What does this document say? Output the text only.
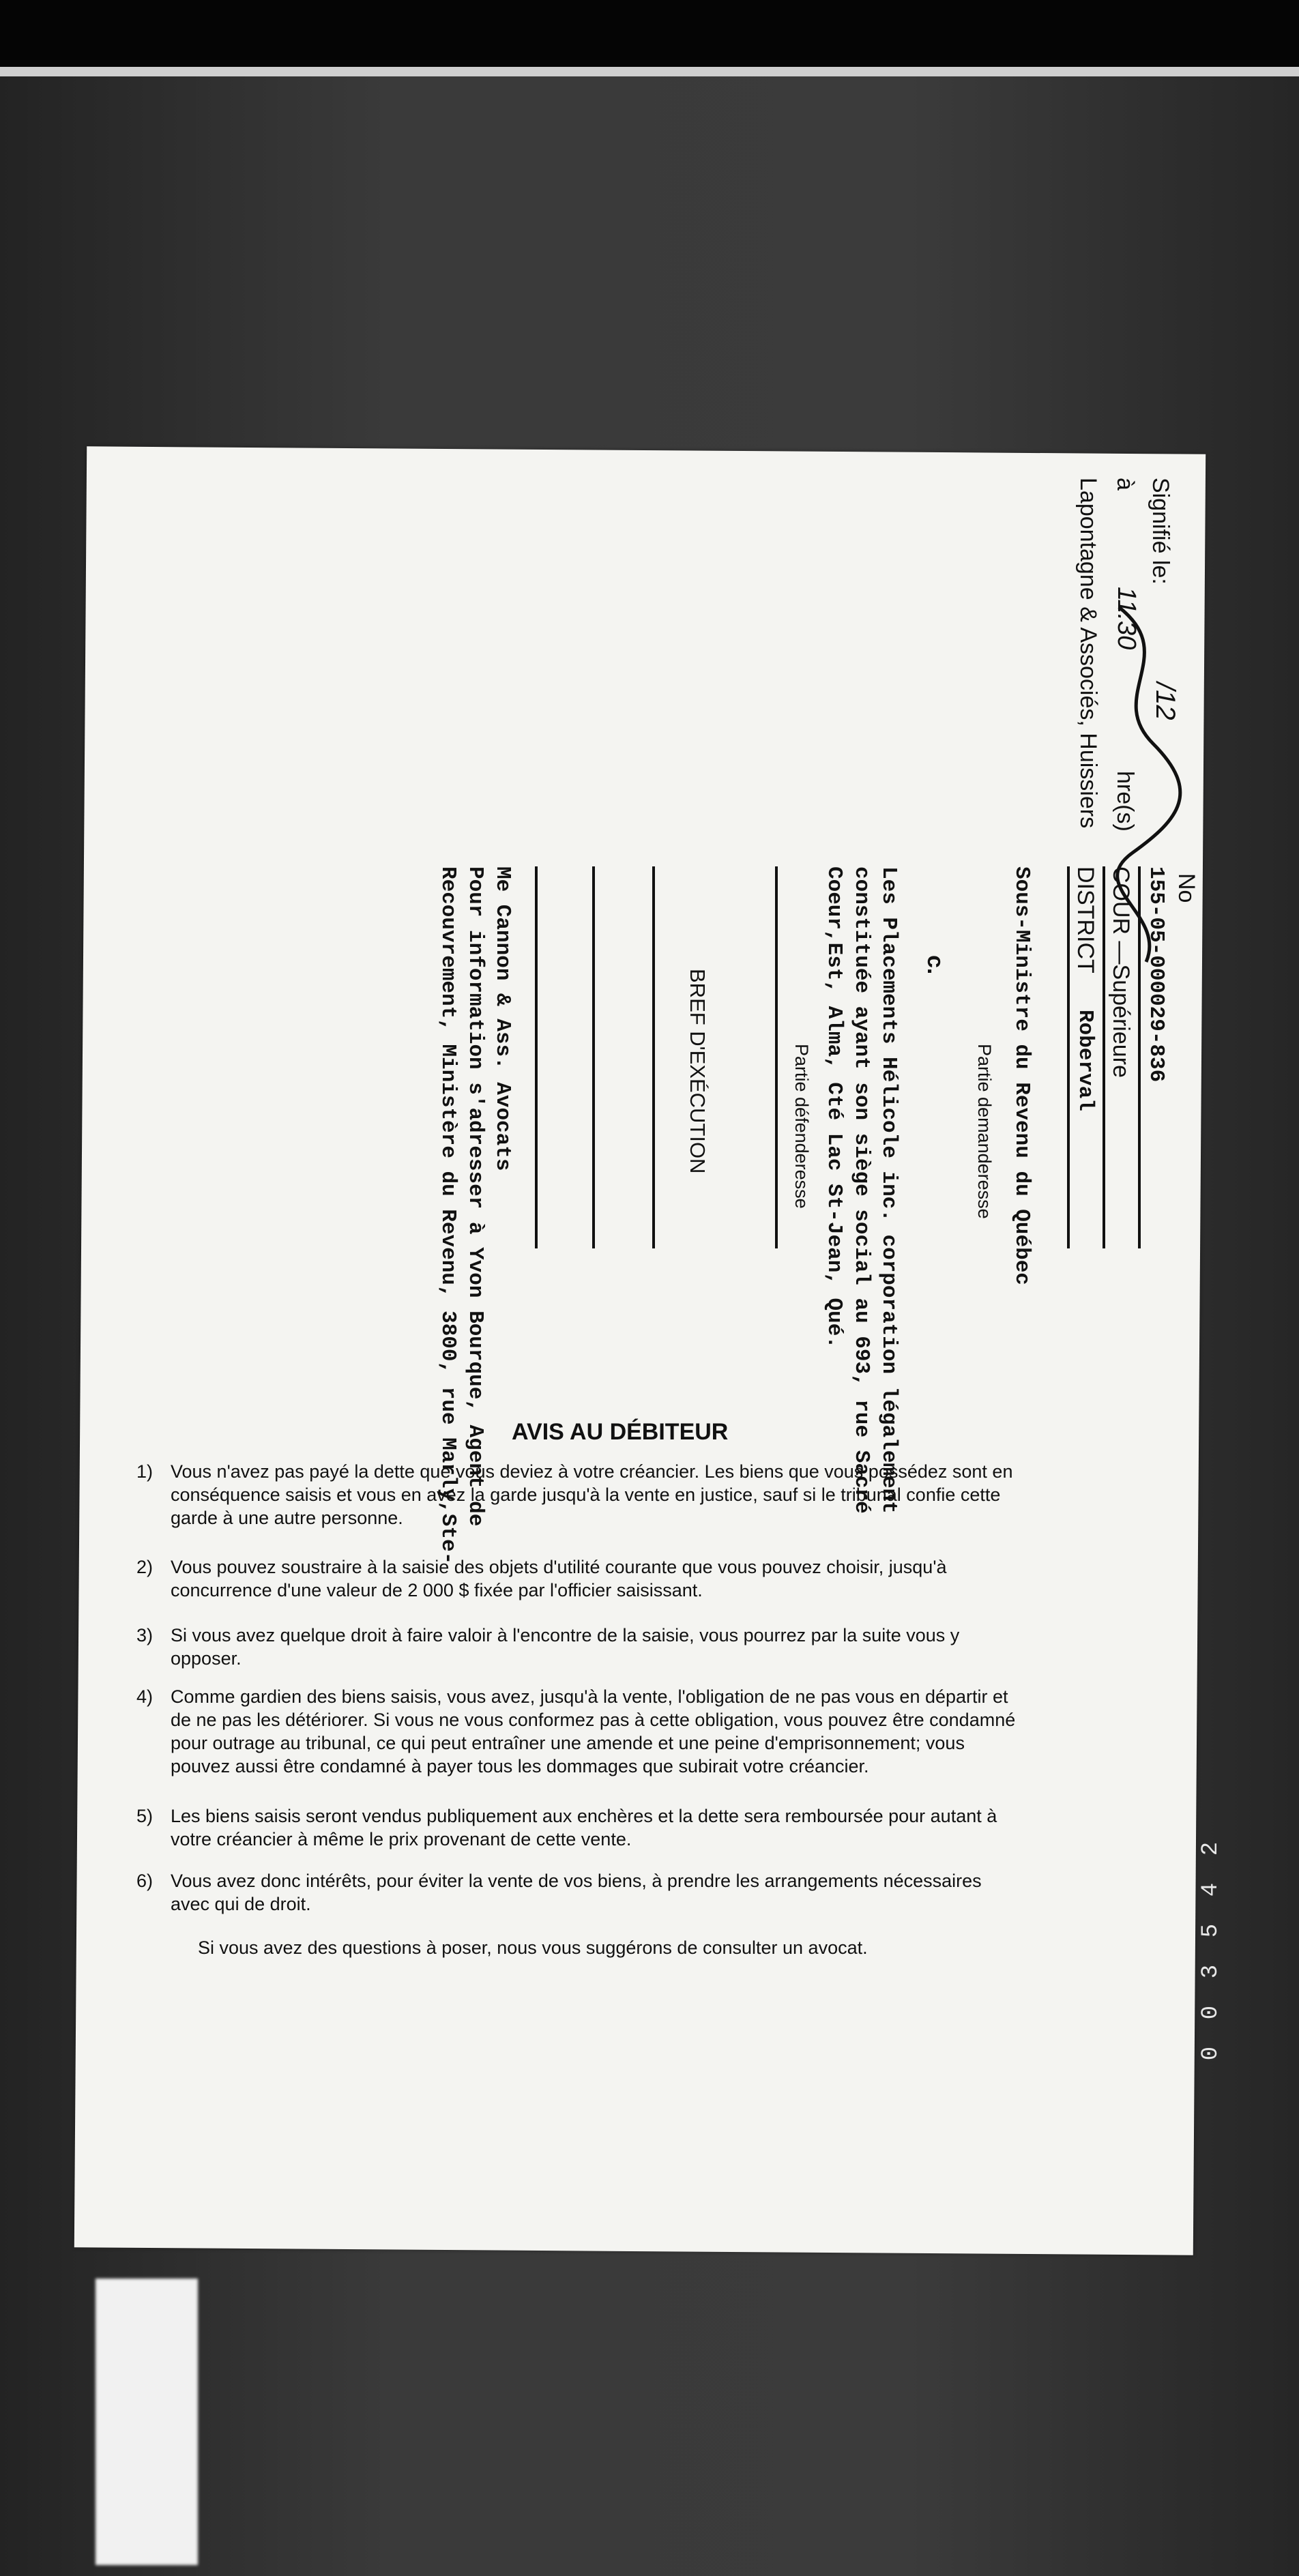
Signifié le:
/12
à
11:30
hre(s)
Lapontagne & Associés, Huissiers
No
155-05-000029-836
COUR —Supérieure
DISTRICT
Roberval
Sous-Ministre du Revenu du Québec
Partie demanderesse
c.
Les Placements Hélicole inc. corporation légalement
constituée ayant son siège social au 693, rue Sacré
Coeur,Est, Alma, Cté Lac St-Jean, Qué.
Partie défenderesse
BREF D'EXÉCUTION
Me Cannon & Ass. Avocats
Pour information s'adresser à Yvon Bourque, Agent de
Recouvrement, Ministère du Revenu, 3800, rue Marly,Ste- AVIS AU DÉBITEUR
1) Vous n'avez pas payé la dette que vous deviez à votre créancier. Les biens que vous possédez sont en conséquence saisis et vous en avez la garde jusqu'à la vente en justice, sauf si le tribunal confie cette garde à une autre personne.
2) Vous pouvez soustraire à la saisie des objets d'utilité courante que vous pouvez choisir, jusqu'à concurrence d'une valeur de 2 000 $ fixée par l'officier saisissant.
3) Si vous avez quelque droit à faire valoir à l'encontre de la saisie, vous pourrez par la suite vous y opposer.
4) Comme gardien des biens saisis, vous avez, jusqu'à la vente, l'obligation de ne pas vous en départir et de ne pas les détériorer. Si vous ne vous conformez pas à cette obligation, vous pouvez être condamné pour outrage au tribunal, ce qui peut entraîner une amende et une peine d'emprisonnement; vous pouvez aussi être condamné à payer tous les dommages que subirait votre créancier.
5) Les biens saisis seront vendus publiquement aux enchères et la dette sera remboursée pour autant à votre créancier à même le prix provenant de cette vente.
6) Vous avez donc intérêts, pour éviter la vente de vos biens, à prendre les arrangements nécessaires avec qui de droit.
Si vous avez des questions à poser, nous vous suggérons de consulter un avocat.
2
4
5
3
0
0
